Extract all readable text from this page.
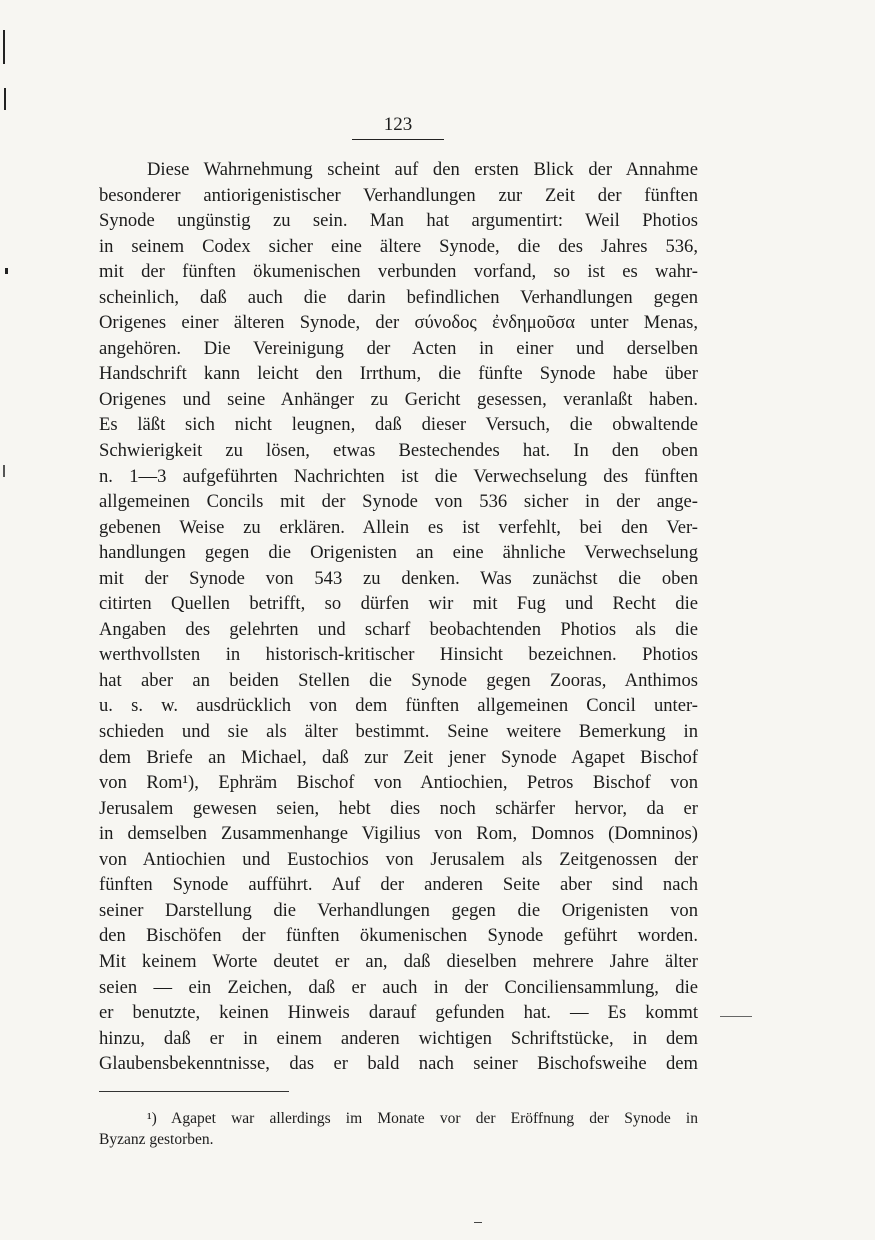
123
Diese Wahrnehmung scheint auf den ersten Blick der Annahme
besonderer antiorigenistischer Verhandlungen zur Zeit der fünften
Synode ungünstig zu sein. Man hat argumentirt: Weil Photios
in seinem Codex sicher eine ältere Synode, die des Jahres 536,
mit der fünften ökumenischen verbunden vorfand, so ist es wahr-
scheinlich, daß auch die darin befindlichen Verhandlungen gegen
Origenes einer älteren Synode, der σύνοδος ἐνδημοῦσα unter Menas,
angehören. Die Vereinigung der Acten in einer und derselben
Handschrift kann leicht den Irrthum, die fünfte Synode habe über
Origenes und seine Anhänger zu Gericht gesessen, veranlaßt haben.
Es läßt sich nicht leugnen, daß dieser Versuch, die obwaltende
Schwierigkeit zu lösen, etwas Bestechendes hat. In den oben
n. 1—3 aufgeführten Nachrichten ist die Verwechselung des fünften
allgemeinen Concils mit der Synode von 536 sicher in der ange-
gebenen Weise zu erklären. Allein es ist verfehlt, bei den Ver-
handlungen gegen die Origenisten an eine ähnliche Verwechselung
mit der Synode von 543 zu denken. Was zunächst die oben
citirten Quellen betrifft, so dürfen wir mit Fug und Recht die
Angaben des gelehrten und scharf beobachtenden Photios als die
werthvollsten in historisch-kritischer Hinsicht bezeichnen. Photios
hat aber an beiden Stellen die Synode gegen Zooras, Anthimos
u. s. w. ausdrücklich von dem fünften allgemeinen Concil unter-
schieden und sie als älter bestimmt. Seine weitere Bemerkung in
dem Briefe an Michael, daß zur Zeit jener Synode Agapet Bischof
von Rom¹), Ephräm Bischof von Antiochien, Petros Bischof von
Jerusalem gewesen seien, hebt dies noch schärfer hervor, da er
in demselben Zusammenhange Vigilius von Rom, Domnos (Domninos)
von Antiochien und Eustochios von Jerusalem als Zeitgenossen der
fünften Synode aufführt. Auf der anderen Seite aber sind nach
seiner Darstellung die Verhandlungen gegen die Origenisten von
den Bischöfen der fünften ökumenischen Synode geführt worden.
Mit keinem Worte deutet er an, daß dieselben mehrere Jahre älter
seien — ein Zeichen, daß er auch in der Conciliensammlung, die
er benutzte, keinen Hinweis darauf gefunden hat. — Es kommt
hinzu, daß er in einem anderen wichtigen Schriftstücke, in dem
Glaubensbekenntnisse, das er bald nach seiner Bischofsweihe dem
¹) Agapet war allerdings im Monate vor der Eröffnung der Synode in
Byzanz gestorben.
